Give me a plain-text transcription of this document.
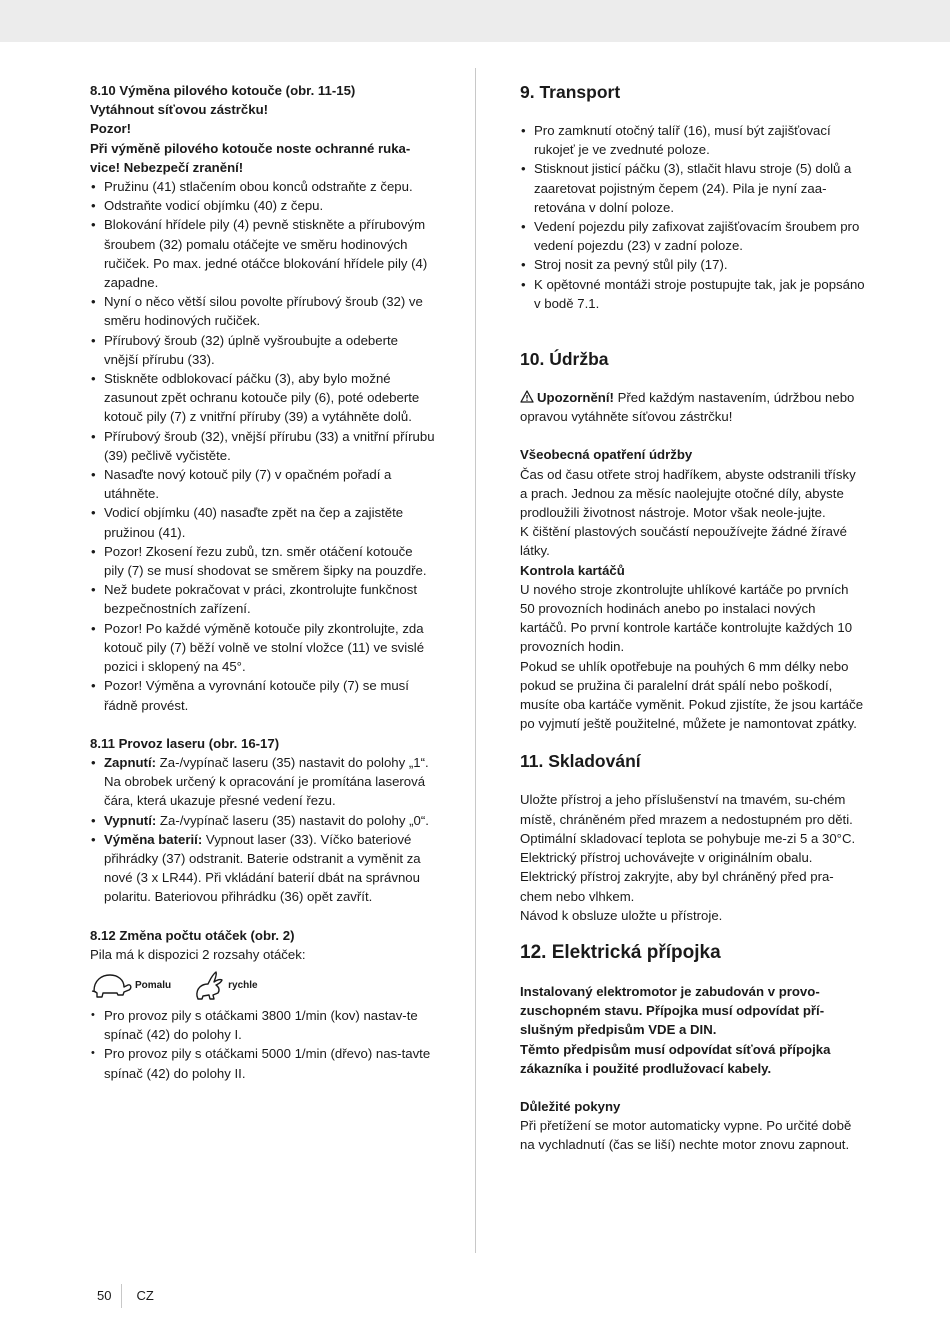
8.10 Výměna pilového kotouče (obr. 11-15)

Vytáhnout síťovou zástrčku!

Pozor!

Při výměně pilového kotouče noste ochranné ruka-vice! Nebezpečí zranění!

• Pružinu (41) stlačením obou konců odstraňte z čepu.
• Odstraňte vodicí objímku (40) z čepu.
• Blokování hřídele pily (4) pevně stiskněte a přírubovým šroubem (32) pomalu otáčejte ve směru hodinových ručiček. Po max. jedné otáčce blokování hřídele pily (4) zapadne.
• Nyní o něco větší silou povolte přírubový šroub (32) ve směru hodinových ručiček.
• Přírubový šroub (32) úplně vyšroubujte a odeberte vnější přírubu (33).
• Stiskněte odblokovací páčku (3), aby bylo možné zasunout zpět ochranu kotouče pily (6), poté odeberte kotouč pily (7) z vnitřní příruby (39) a vytáhněte dolů.
• Přírubový šroub (32), vnější přírubu (33) a vnitřní přírubu (39) pečlivě vyčistěte.
• Nasaďte nový kotouč pily (7) v opačném pořadí a utáhněte.
• Vodicí objímku (40) nasaďte zpět na čep a zajistěte pružinou (41).
• Pozor! Zkosení řezu zubů, tzn. směr otáčení kotouče pily (7) se musí shodovat se směrem šipky na pouzdře.
• Než budete pokračovat v práci, zkontrolujte funkčnost bezpečnostních zařízení.
• Pozor! Po každé výměně kotouče pily zkontrolujte, zda kotouč pily (7) běží volně ve stolní vložce (11) ve svislé pozici i sklopený na 45°.
• Pozor! Výměna a vyrovnání kotouče pily (7) se musí řádně provést.

8.11 Provoz laseru (obr. 16-17)

• Zapnutí: Za-/vypínač laseru (35) nastavit do polohy „1“. Na obrobek určený k opracování je promítána laserová čára, která ukazuje přesné vedení řezu.
• Vypnutí: Za-/vypínač laseru (35) nastavit do polohy „0“.
• Výměna baterií: Vypnout laser (33). Víčko bateriové přihrádky (37) odstranit. Baterie odstranit a vyměnit za nové (3 x LR44). Při vkládání baterií dbát na správnou polaritu. Bateriovou přihrádku (36) opět zavřít.

8.12 Změna počtu otáček (obr. 2)

Pila má k dispozici 2 rozsahy otáček:

Pomalu	rychle
• Pro provoz pily s otáčkami 3800 1/min (kov) nastav-te spínač (42) do polohy I.
• Pro provoz pily s otáčkami 5000 1/min (dřevo) nas-tavte spínač (42) do polohy II.
9. Transport
• Pro zamknutí otočný talíř (16), musí být zajišťovací rukojeť je ve zvednuté poloze.
• Stisknout jisticí páčku (3), stlačit hlavu stroje (5) dolů a zaaretovat pojistným čepem (24). Pila je nyní zaa-retována v dolní poloze.
• Vedení pojezdu pily zafixovat zajišťovacím šroubem pro vedení pojezdu (23) v zadní poloze.
• Stroj nosit za pevný stůl pily (17).
• K opětovné montáži stroje postupujte tak, jak je popsáno v bodě 7.1.
10. Údržba

Upozornění! Před každým nastavením, údržbou nebo opravou vytáhněte síťovou zástrčku!

Všeobecná opatření údržby

Čas od času otřete stroj hadříkem, abyste odstranili třísky a prach. Jednou za měsíc naolejujte otočné díly, abyste prodloužili životnost nástroje. Motor však neole-jujte.

K čištění plastových součástí nepoužívejte žádné žíravé látky.

Kontrola kartáčů

U nového stroje zkontrolujte uhlíkové kartáče po prvních 50 provozních hodinách anebo po instalaci nových kartáčů. Po první kontrole kartáče kontrolujte každých 10 provozních hodin.

Pokud se uhlík opotřebuje na pouhých 6 mm délky nebo pokud se pružina či paralelní drát spálí nebo poškodí, musíte oba kartáče vyměnit. Pokud zjistíte, že jsou kartáče po vyjmutí ještě použitelné, můžete je namontovat zpátky.

11. Skladování

Uložte přístroj a jeho příslušenství na tmavém, su-chém místě, chráněném před mrazem a nedostupném pro děti. Optimální skladovací teplota se pohybuje me-zi 5 a 30°C.

Elektrický přístroj uchovávejte v originálním obalu.

Elektrický přístroj zakryjte, aby byl chráněný před pra-chem nebo vlhkem.

Návod k obsluze uložte u přístroje.

12. Elektrická přípojka

Instalovaný elektromotor je zabudován v provo-zuschopném stavu. Přípojka musí odpovídat pří-slušným předpisům VDE a DIN.

Těmto předpisům musí odpovídat síťová přípojka zákazníka i použité prodlužovací kabely.

Důležité pokyny

Při přetížení se motor automaticky vypne. Po určité době na vychladnutí (čas se liší) nechte motor znovu zapnout.

50 CZ
